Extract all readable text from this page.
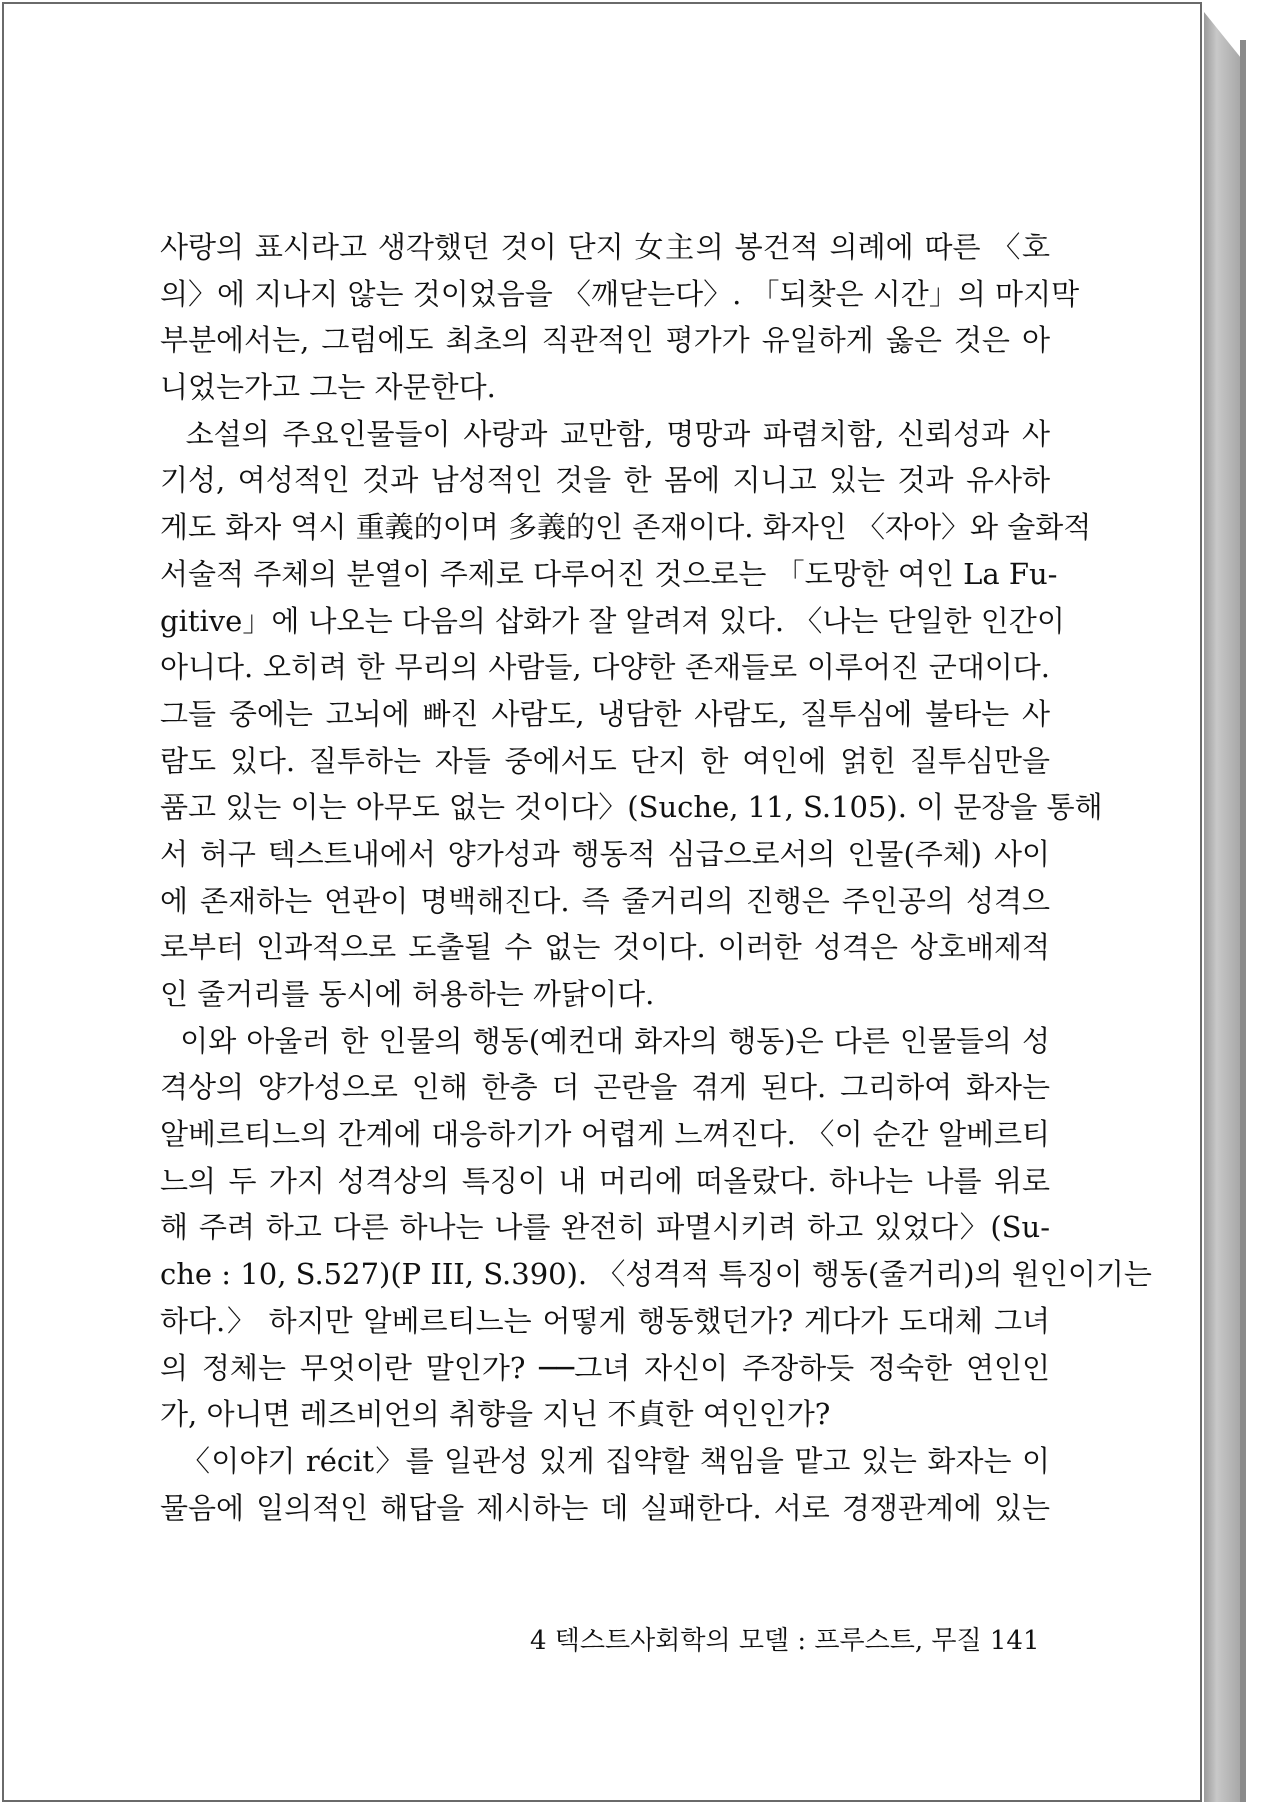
사랑의 표시라고 생각했던 것이 단지 女主의 봉건적 의례에 따른 〈호
의〉에 지나지 않는 것이었음을 〈깨닫는다〉. 「되찾은 시간」의 마지막
부분에서는, 그럼에도 최초의 직관적인 평가가 유일하게 옳은 것은 아
니었는가고 그는 자문한다.
소설의 주요인물들이 사랑과 교만함, 명망과 파렴치함, 신뢰성과 사
기성, 여성적인 것과 남성적인 것을 한 몸에 지니고 있는 것과 유사하
게도 화자 역시 重義的이며 多義的인 존재이다. 화자인 〈자아〉와 술화적
서술적 주체의 분열이 주제로 다루어진 것으로는 「도망한 여인 La Fu-
gitive」에 나오는 다음의 삽화가 잘 알려져 있다. 〈나는 단일한 인간이
아니다. 오히려 한 무리의 사람들, 다양한 존재들로 이루어진 군대이다.
그들 중에는 고뇌에 빠진 사람도, 냉담한 사람도, 질투심에 불타는 사
람도 있다. 질투하는 자들 중에서도 단지 한 여인에 얽힌 질투심만을
품고 있는 이는 아무도 없는 것이다〉(Suche, 11, S.105). 이 문장을 통해
서 허구 텍스트내에서 양가성과 행동적 심급으로서의 인물(주체) 사이
에 존재하는 연관이 명백해진다. 즉 줄거리의 진행은 주인공의 성격으
로부터 인과적으로 도출될 수 없는 것이다. 이러한 성격은 상호배제적
인 줄거리를 동시에 허용하는 까닭이다.
이와 아울러 한 인물의 행동(예컨대 화자의 행동)은 다른 인물들의 성
격상의 양가성으로 인해 한층 더 곤란을 겪게 된다. 그리하여 화자는
알베르티느의 간계에 대응하기가 어렵게 느껴진다. 〈이 순간 알베르티
느의 두 가지 성격상의 특징이 내 머리에 떠올랐다. 하나는 나를 위로
해 주려 하고 다른 하나는 나를 완전히 파멸시키려 하고 있었다〉(Su-
che : 10, S.527)(P III, S.390). 〈성격적 특징이 행동(줄거리)의 원인이기는
하다.〉 하지만 알베르티느는 어떻게 행동했던가? 게다가 도대체 그녀
의 정체는 무엇이란 말인가? ──그녀 자신이 주장하듯 정숙한 연인인
가, 아니면 레즈비언의 취향을 지닌 不貞한 여인인가?
〈이야기 récit〉를 일관성 있게 집약할 책임을 맡고 있는 화자는 이
물음에 일의적인 해답을 제시하는 데 실패한다. 서로 경쟁관계에 있는
4 텍스트사회학의 모델 : 프루스트, 무질 141
